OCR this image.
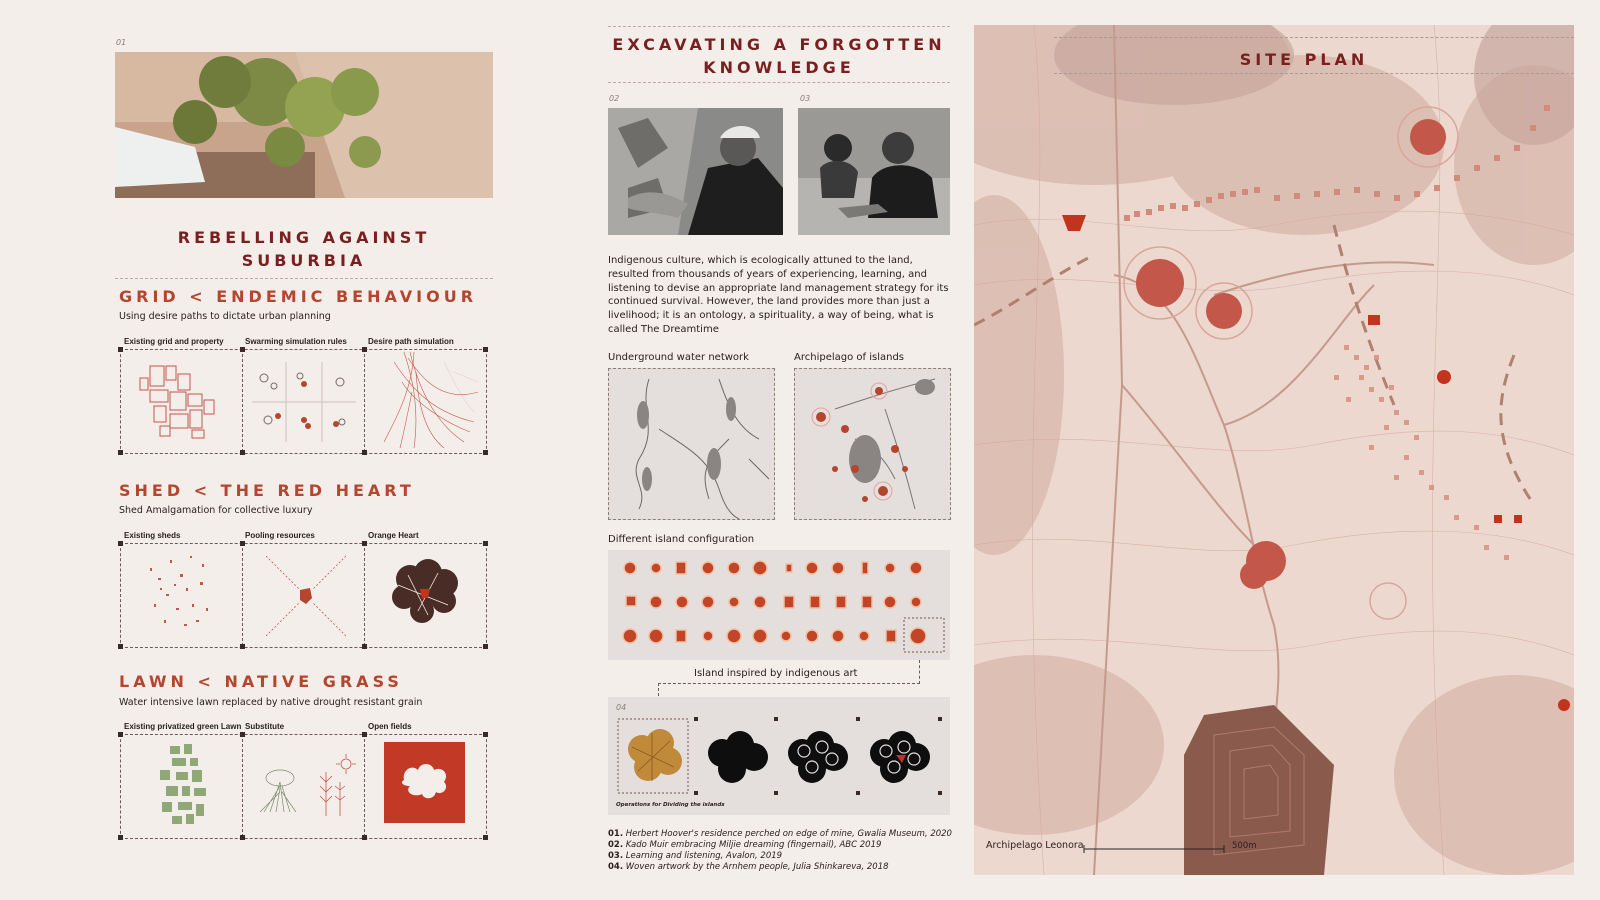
01
REBELLING AGAINST
SUBURBIA
GRID < ENDEMIC BEHAVIOUR
Using desire paths to dictate urban planning
Existing grid and property	Swarming simulation rules	Desire path simulation
SHED < THE RED HEART
Shed Amalgamation for collective luxury
Existing sheds	Pooling resources	Orange Heart
LAWN < NATIVE GRASS
Water intensive lawn replaced by native drought resistant grain
Existing privatized green Lawn Substitute	Open fields
EXCAVATING A FORGOTTEN
KNOWLEDGE
02	03
Indigenous culture, which is ecologically attuned to the land, resulted from thousands of years of experiencing, learning, and listening to devise an appropriate land management strategy for its continued survival. However, the land provides more than just a livelihood; it is an ontology, a spirituality, a way of being, what is called The Dreamtime
Underground water network	Archipelago of islands
Different island configuration
Island inspired by indigenous art
04
Operations for Dividing the islands
01. Herbert Hoover's residence perched on edge of mine, Gwalia Museum, 2020
02. Kado Muir embracing Miljie dreaming (fingernail), ABC 2019
03. Learning and listening, Avalon, 2019
04. Woven artwork by the Arnhem people, Julia Shinkareva, 2018
SITE PLAN
Archipelago Leonora	500m
